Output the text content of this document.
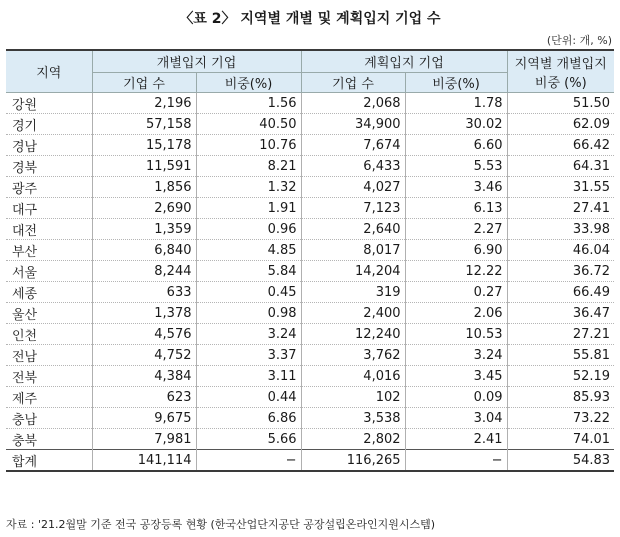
〈표 2〉 지역별 개별 및 계획입지 기업 수
(단위: 개, %)
지역	개별입지 기업		계획입지 기업		지역별 개별입지 비중 (%)
	기업 수	비중(%)	기업 수	비중(%)	
강원	2,196	1.56	2,068	1.78	51.50
경기	57,158	40.50	34,900	30.02	62.09
경남	15,178	10.76	7,674	6.60	66.42
경북	11,591	8.21	6,433	5.53	64.31
광주	1,856	1.32	4,027	3.46	31.55
대구	2,690	1.91	7,123	6.13	27.41
대전	1,359	0.96	2,640	2.27	33.98
부산	6,840	4.85	8,017	6.90	46.04
서울	8,244	5.84	14,204	12.22	36.72
세종	633	0.45	319	0.27	66.49
울산	1,378	0.98	2,400	2.06	36.47
인천	4,576	3.24	12,240	10.53	27.21
전남	4,752	3.37	3,762	3.24	55.81
전북	4,384	3.11	4,016	3.45	52.19
제주	623	0.44	102	0.09	85.93
충남	9,675	6.86	3,538	3.04	73.22
충북	7,981	5.66	2,802	2.41	74.01
합계	141,114	−	116,265	−	54.83
자료 : '21.2월말 기준 전국 공장등록 현황 (한국산업단지공단 공장설립온라인지원시스템)
